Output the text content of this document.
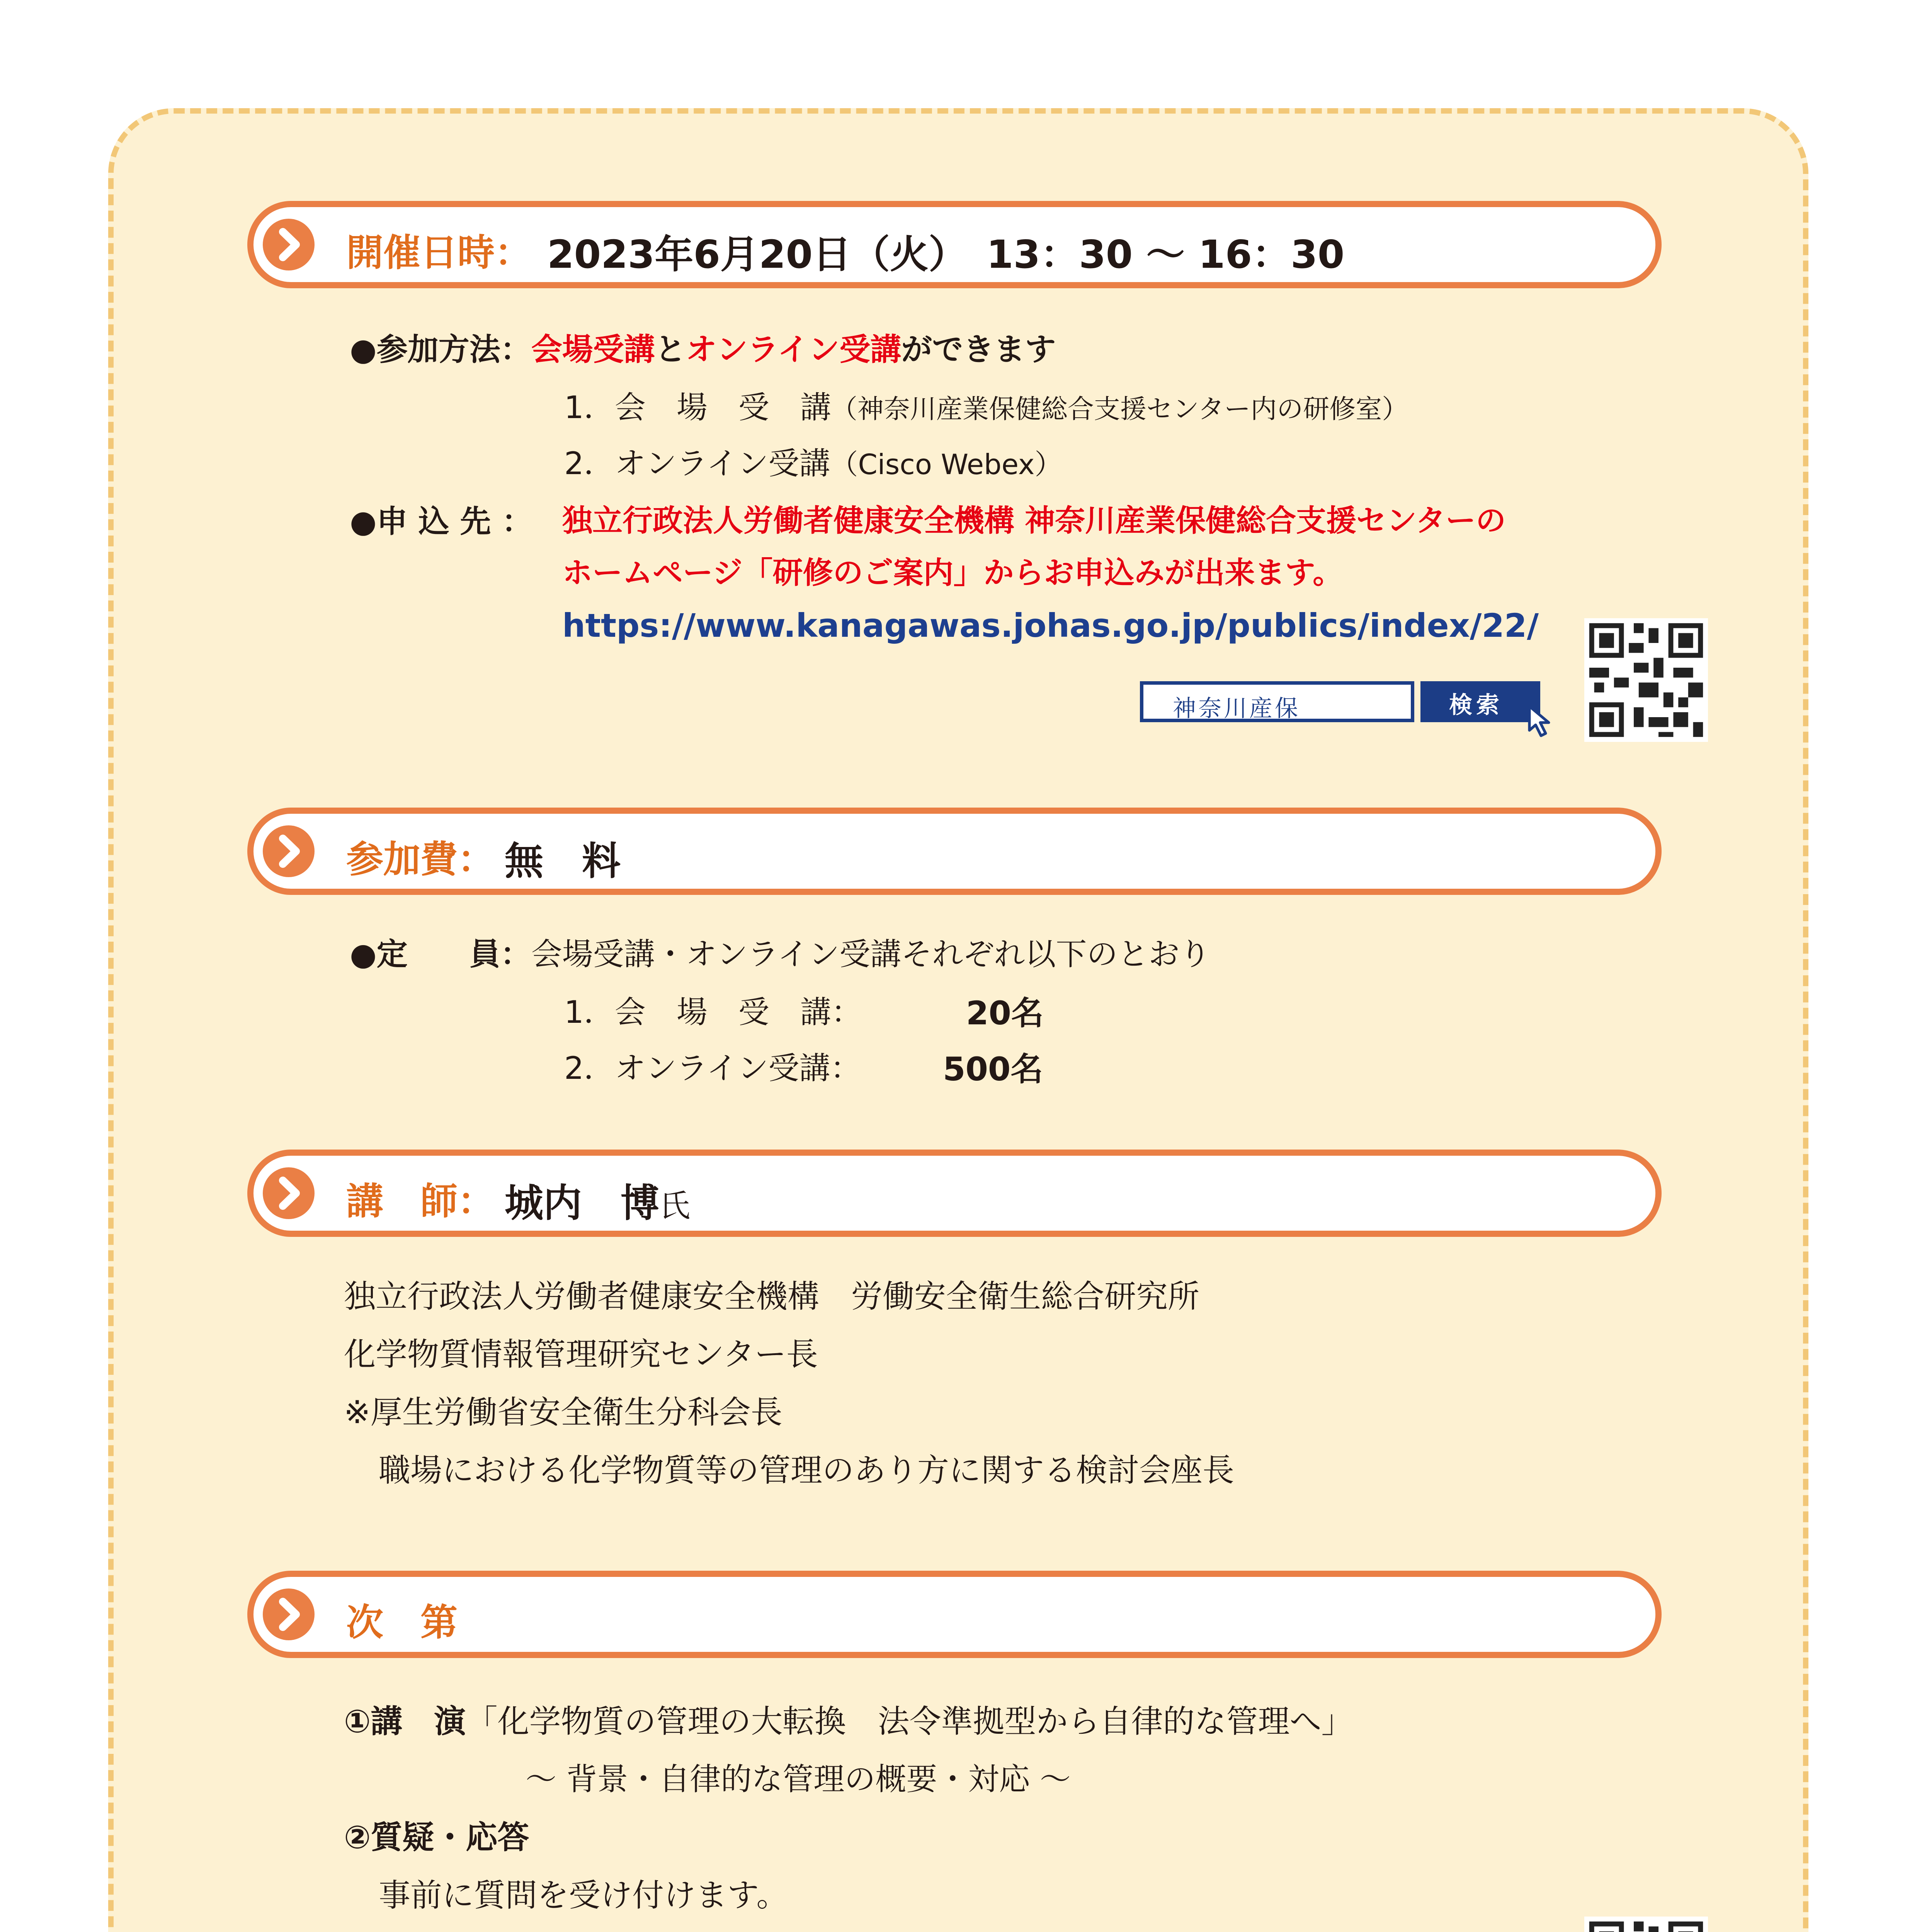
開催日時： 2023年6月20日（火）　13：30 〜 16：30
●参加方法：会場受講とオンライン受講ができます
1．会　場　受　講（神奈川産業保健総合支援センター内の研修室）
2．オンライン受講（Cisco Webex）
●申 込 先 ： 独立行政法人労働者健康安全機構 神奈川産業保健総合支援センターの
ホームページ「研修のご案内」からお申込みが出来ます。
https://www.kanagawas.johas.go.jp/publics/index/22/
神奈川産保	検索
参加費： 無　料
●定　　員：会場受講・オンライン受講それぞれ以下のとおり
1．会　場　受　講：	20名
2．オンライン受講：	500名
講　師： 城内　博氏
独立行政法人労働者健康安全機構　労働安全衛生総合研究所
化学物質情報管理研究センター長
※厚生労働省安全衛生分科会長
職場における化学物質等の管理のあり方に関する検討会座長
次　第
①講　演「化学物質の管理の大転換　法令準拠型から自律的な管理へ」
〜 背景・自律的な管理の概要・対応 〜
②質疑・応答
事前に質問を受け付けます。
